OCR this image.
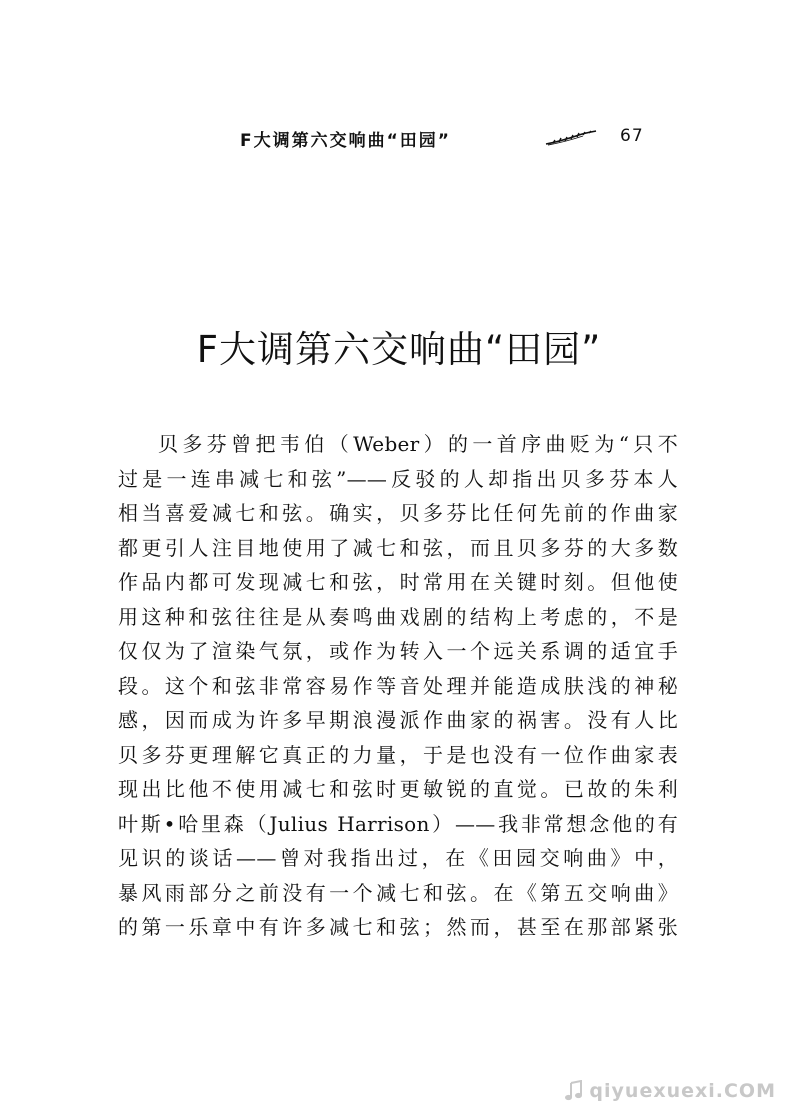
F大调第六交响曲“田园”	67
F大调第六交响曲“田园”
贝多芬曾把韦伯（Weber）的一首序曲贬为“只不
过是一连串减七和弦”——反驳的人却指出贝多芬本人
相当喜爱减七和弦。确实，贝多芬比任何先前的作曲家
都更引人注目地使用了减七和弦，而且贝多芬的大多数
作品内都可发现减七和弦，时常用在关键时刻。但他使
用这种和弦往往是从奏鸣曲戏剧的结构上考虑的，不是
仅仅为了渲染气氛，或作为转入一个远关系调的适宜手
段。这个和弦非常容易作等音处理并能造成肤浅的神秘
感，因而成为许多早期浪漫派作曲家的祸害。没有人比
贝多芬更理解它真正的力量，于是也没有一位作曲家表
现出比他不使用减七和弦时更敏锐的直觉。已故的朱利
叶斯•哈里森（Julius Harrison）——我非常想念他的有
见识的谈话——曾对我指出过，在《田园交响曲》中，
暴风雨部分之前没有一个减七和弦。在《第五交响曲》
的第一乐章中有许多减七和弦；然而，甚至在那部紧张
qiyuexuexi.COM
